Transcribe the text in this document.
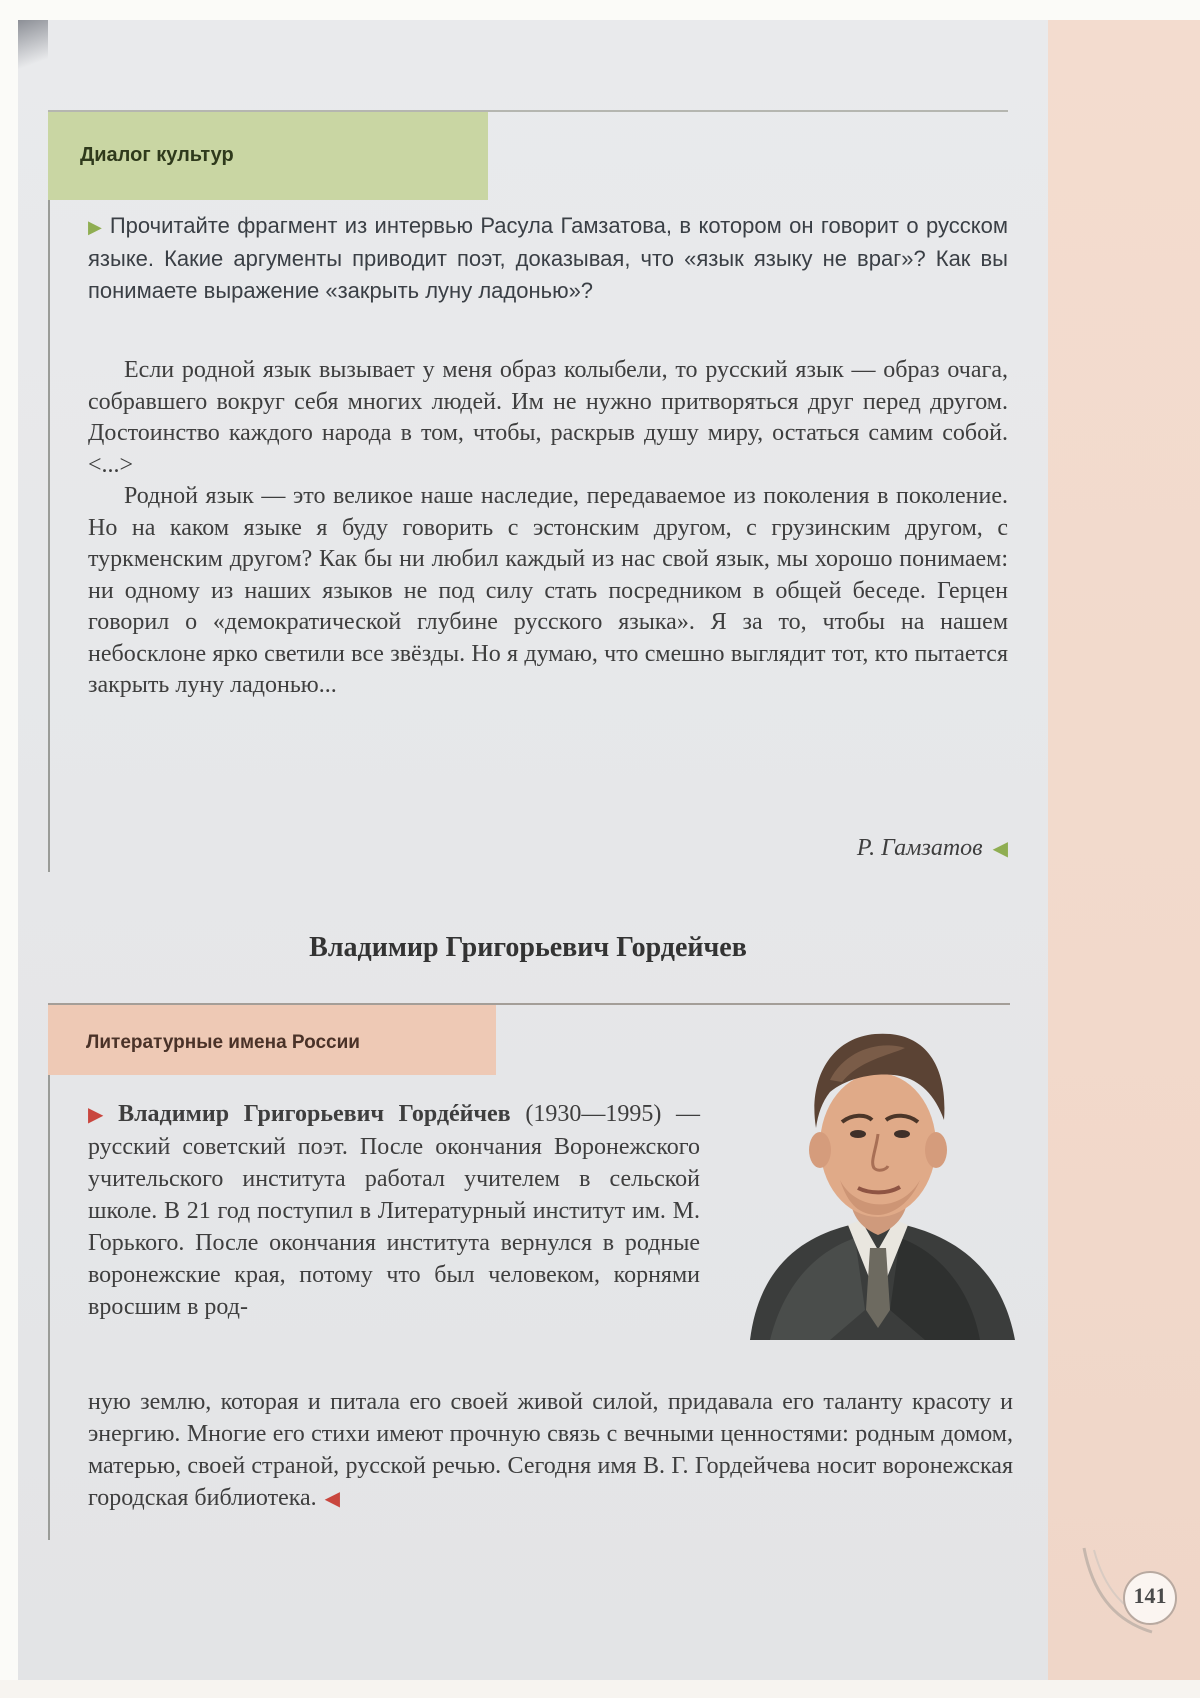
Диалог культур
▶ Прочитайте фрагмент из интервью Расула Гамзатова, в котором он говорит о русском языке. Какие аргументы приводит поэт, доказывая, что «язык языку не враг»? Как вы понимаете выражение «закрыть луну ладонью»?

Если родной язык вызывает у меня образ колыбели, то русский язык — образ очага, собравшего вокруг себя многих людей. Им не нужно притворяться друг перед другом. Достоинство каждого народа в том, чтобы, раскрыв душу миру, остаться самим собой. <...>

Родной язык — это великое наше наследие, передаваемое из поколения в поколение. Но на каком языке я буду говорить с эстонским другом, с грузинским другом, с туркменским другом? Как бы ни любил каждый из нас свой язык, мы хорошо понимаем: ни одному из наших языков не под силу стать посредником в общей беседе. Герцен говорил о «демократической глубине русского языка». Я за то, чтобы на нашем небосклоне ярко светили все звёзды. Но я думаю, что смешно выглядит тот, кто пытается закрыть луну ладонью...

Р. Гамзатов ◀
Владимир Григорьевич Гордейчев
Литературные имена России
▶ Владимир Григорьевич Гордéйчев (1930—1995) — русский советский поэт. После окончания Воронежского учительского института работал учителем в сельской школе. В 21 год поступил в Литературный институт им. М. Горького. После окончания института вернулся в родные воронежские края, потому что был человеком, корнями вросшим в род-
ную землю, которая и питала его своей живой силой, придавала его таланту красоту и энергию. Многие его стихи имеют прочную связь с вечными ценностями: родным домом, матерью, своей страной, русской речью. Сегодня имя В. Г. Гордейчева носит воронежская городская библиотека. ◀
141
